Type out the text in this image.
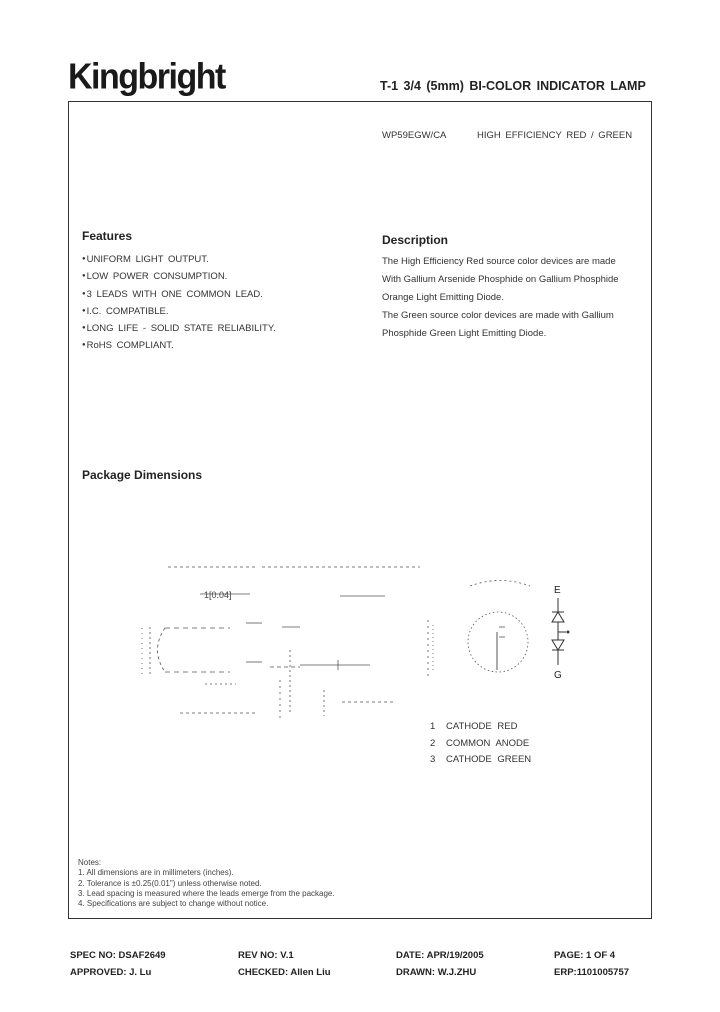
Kingbright	T-1 3/4 (5mm) BI-COLOR INDICATOR LAMP
WP59EGW/CA	HIGH EFFICIENCY RED / GREEN
Features
● UNIFORM LIGHT OUTPUT.
● LOW POWER CONSUMPTION.
● 3 LEADS WITH ONE COMMON LEAD.
● I.C. COMPATIBLE.
● LONG LIFE - SOLID STATE RELIABILITY.
● RoHS COMPLIANT.
Description

The High Efficiency Red source color devices are made

With Gallium Arsenide Phosphide on Gallium Phosphide

Orange Light Emitting Diode.

The Green source color devices are made with Gallium

Phosphide Green Light Emitting Diode.

Package Dimensions
1[0.04]	E
G
1 CATHODE RED
2 COMMON ANODE
3 CATHODE GREEN

Notes:

1. All dimensions are in millimeters (inches).

2. Tolerance is ±0.25(0.01") unless otherwise noted.

3. Lead spacing is measured where the leads emerge from the package.

4. Specifications are subject to change without notice.

SPEC NO: DSAF2649	REV NO: V.1	DATE: APR/19/2005	PAGE: 1 OF 4
APPROVED: J. Lu	CHECKED: Allen Liu	DRAWN: W.J.ZHU	ERP:1101005757
